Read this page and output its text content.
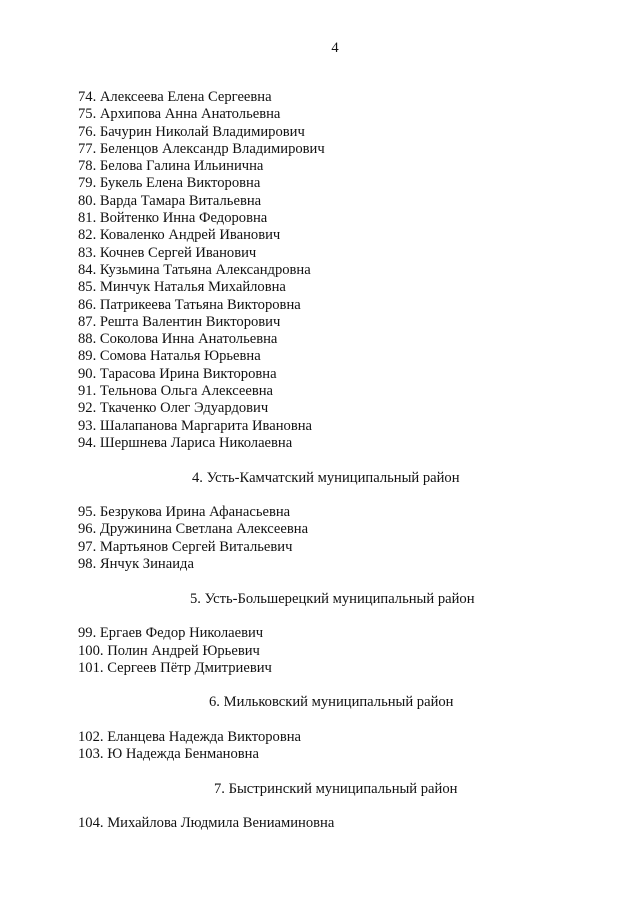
4
74. Алексеева Елена Сергеевна
75. Архипова Анна Анатольевна
76. Бачурин Николай Владимирович
77. Беленцов Александр Владимирович
78. Белова Галина Ильинична
79. Букель Елена Викторовна
80. Варда Тамара Витальевна
81. Войтенко Инна Федоровна
82. Коваленко Андрей Иванович
83. Кочнев Сергей Иванович
84. Кузьмина Татьяна Александровна
85. Минчук Наталья Михайловна
86. Патрикеева Татьяна Викторовна
87. Решта Валентин Викторович
88. Соколова Инна Анатольевна
89. Сомова Наталья Юрьевна
90. Тарасова Ирина Викторовна
91. Тельнова Ольга Алексеевна
92. Ткаченко Олег Эдуардович
93. Шалапанова Маргарита Ивановна
94. Шершнева Лариса Николаевна
4. Усть-Камчатский муниципальный район
95. Безрукова Ирина Афанасьевна
96. Дружинина Светлана Алексеевна
97. Мартьянов Сергей Витальевич
98. Янчук Зинаида
5. Усть-Большерецкий муниципальный район
99. Ергаев Федор Николаевич
100. Полин Андрей Юрьевич
101. Сергеев Пётр Дмитриевич
6. Мильковский муниципальный район
102. Еланцева Надежда Викторовна
103. Ю Надежда Бенмановна
7. Быстринский муниципальный район
104. Михайлова Людмила Вениаминовна
